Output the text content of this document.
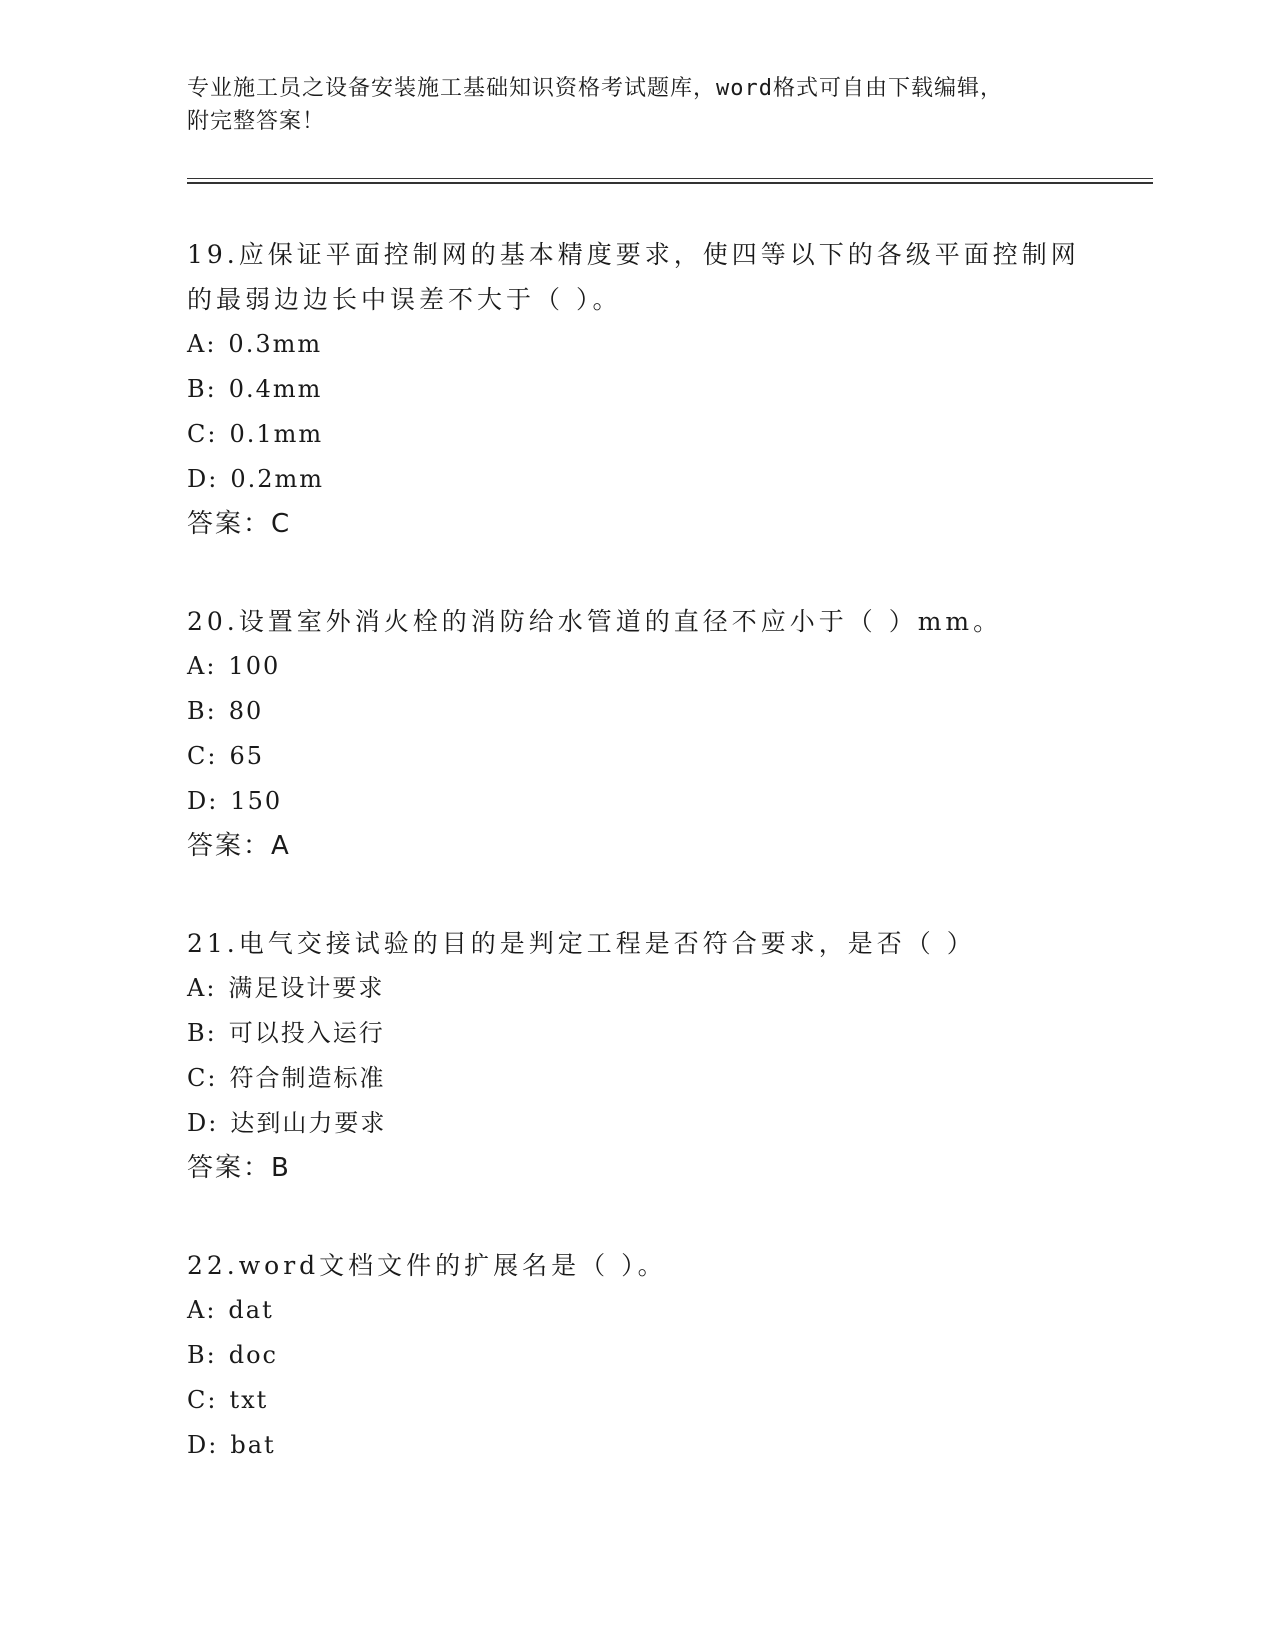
专业施工员之设备安装施工基础知识资格考试题库，word格式可自由下载编辑，
附完整答案！
19.应保证平面控制网的基本精度要求，使四等以下的各级平面控制网
的最弱边边长中误差不大于（ ）。
A: 0.3mm
B: 0.4mm
C: 0.1mm
D: 0.2mm
答案：C
20.设置室外消火栓的消防给水管道的直径不应小于（ ）mm。
A: 100
B: 80
C: 65
D: 150
答案：A
21.电气交接试验的目的是判定工程是否符合要求，是否（ ）
A: 满足设计要求
B: 可以投入运行
C: 符合制造标准
D: 达到山力要求
答案：B
22.word文档文件的扩展名是（ ）。
A: dat
B: doc
C: txt
D: bat
